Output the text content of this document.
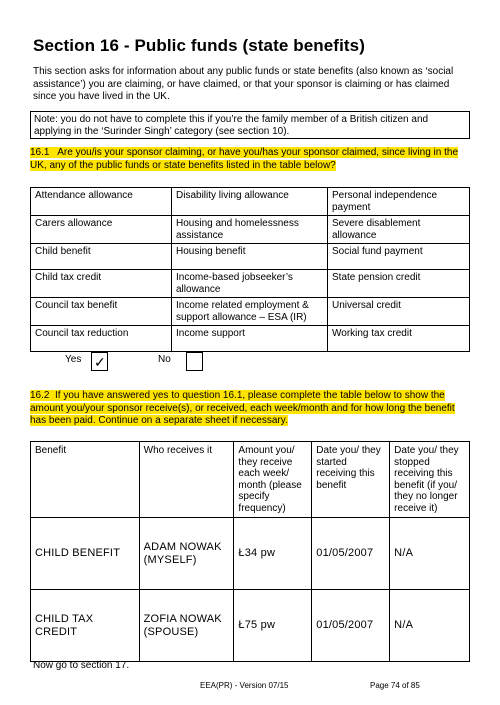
Section 16 - Public funds (state benefits)
This section asks for information about any public funds or state benefits (also known as ‘social assistance’) you are claiming, or have claimed, or that your sponsor is claiming or has claimed since you have lived in the UK.
Note: you do not have to complete this if you’re the family member of a British citizen and applying in the ‘Surinder Singh’ category (see section 10).
16.1 Are you/is your sponsor claiming, or have you/has your sponsor claimed, since living in the UK, any of the public funds or state benefits listed in the table below?
Attendance allowance	Disability living allowance	Personal independence payment
Carers allowance	Housing and homelessness assistance	Severe disablement allowance
Child benefit	Housing benefit	Social fund payment
Child tax credit	Income-based jobseeker’s allowance	State pension credit
Council tax benefit	Income related employment & support allowance – ESA (IR)	Universal credit
Council tax reduction	Income support	Working tax credit
Yes ✓	No
16.2 If you have answered yes to question 16.1, please complete the table below to show the amount you/your sponsor receive(s), or received, each week/month and for how long the benefit has been paid. Continue on a separate sheet if necessary.
Benefit	Who receives it	Amount you/ they receive each week/ month (please specify frequency)	Date you/ they started receiving this benefit	Date you/ they stopped receiving this benefit (if you/ they no longer receive it)
CHILD BENEFIT	ADAM NOWAK (MYSELF)	Ł34 pw	01/05/2007	N/A
CHILD TAX CREDIT	ZOFIA NOWAK (SPOUSE)	Ł75 pw	01/05/2007	N/A
Now go to section 17.
EEA(PR) - Version 07/15	Page 74 of 85
